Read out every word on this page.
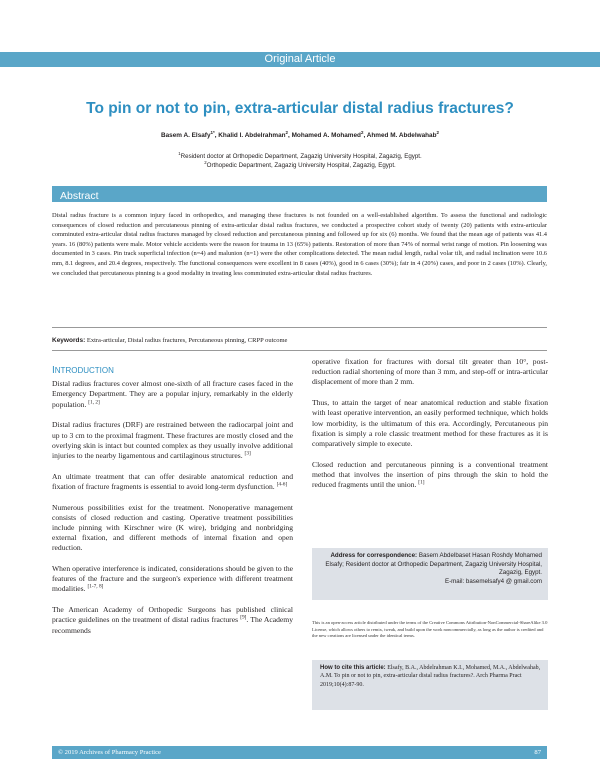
Original Article
To pin or not to pin, extra-articular distal radius fractures?
Basem A. Elsafy$^{1*}$, Khalid I. Abdelrahman$^2$, Mohamed A. Mohamed$^2$, Ahmed M. Abdelwahab$^2$
$^1$Resident doctor at Orthopedic Department, Zagazig University Hospital, Zagazig, Egypt.
$^2$Orthopedic Department, Zagazig University Hospital, Zagazig, Egypt.
Abstract
Distal radius fracture is a common injury faced in orthopedics, and managing these fractures is not founded on a well-established algorithm. To assess the functional and radiologic consequences of closed reduction and percutaneous pinning of extra-articular distal radius fractures, we conducted a prospective cohort study of twenty (20) patients with extra-articular comminuted extra-articular distal radius fractures managed by closed reduction and percutaneous pinning and followed up for six (6) months. We found that the mean age of patients was 41.4 years. 16 (80%) patients were male. Motor vehicle accidents were the reason for trauma in 13 (65%) patients. Restoration of more than 74% of normal wrist range of motion. Pin loosening was documented in 3 cases. Pin track superficial infection (n=4) and malunion (n=1) were the other complications detected. The mean radial length, radial volar tilt, and radial inclination were 10.6 mm, 8.1 degrees, and 20.4 degrees, respectively. The functional consequences were excellent in 8 cases (40%), good in 6 cases (30%); fair in 4 (20%) cases, and poor in 2 cases (10%). Clearly, we concluded that percutaneous pinning is a good modality in treating less comminuted extra-articular distal radius fractures.
Keywords: Extra-articular, Distal radius fractures, Percutaneous pinning, CRPP outcome
INTRODUCTION

Distal radius fractures cover almost one-sixth of all fracture cases faced in the Emergency Department. They are a popular injury, remarkably in the elderly population. [1, 2]

Distal radius fractures (DRF) are restrained between the radiocarpal joint and up to 3 cm to the proximal fragment. These fractures are mostly closed and the overlying skin is intact but counted complex as they usually involve additional injuries to the nearby ligamentous and cartilaginous structures. [3]

An ultimate treatment that can offer desirable anatomical reduction and fixation of fracture fragments is essential to avoid long-term dysfunction. [4-6]

Numerous possibilities exist for the treatment. Nonoperative management consists of closed reduction and casting. Operative treatment possibilities include pinning with Kirschner wire (K wire), bridging and nonbridging external fixation, and different methods of internal fixation and open reduction.

When operative interference is indicated, considerations should be given to the features of the fracture and the surgeon's experience with different treatment modalities. [1-7, 8]

The American Academy of Orthopedic Surgeons has published clinical practice guidelines on the treatment of distal radius fractures [9]. The Academy recommends

operative fixation for fractures with dorsal tilt greater than 10°, post-reduction radial shortening of more than 3 mm, and step-off or intra-articular displacement of more than 2 mm.

Thus, to attain the target of near anatomical reduction and stable fixation with least operative intervention, an easily performed technique, which holds low morbidity, is the ultimatum of this era. Accordingly, Percutaneous pin fixation is simply a role classic treatment method for these fractures as it is comparatively simple to execute.

Closed reduction and percutaneous pinning is a conventional treatment method that involves the insertion of pins through the skin to hold the reduced fragments until the union. [1]

Address for correspondence: Basem Abdelbaset Hasan Roshdy Mohamed Elsafy; Resident doctor at Orthopedic Department, Zagazig University Hospital, Zagazig, Egypt.
E-mail: basemelsafy4 @ gmail.com
This is an open-access article distributed under the terms of the Creative Commons Attribution-NonCommercial-ShareAlike 3.0 License, which allows others to remix, tweak, and build upon the work noncommercially, as long as the author is credited and the new creations are licensed under the identical terms.
How to cite this article: Elsafy, B.A., Abdelrahman K.I., Mohamed, M.A., Abdelwahab, A.M. To pin or not to pin, extra-articular distal radius fractures?. Arch Pharma Pract 2019;10(4):87-90.
© 2019 Archives of Pharmacy Practice	87
